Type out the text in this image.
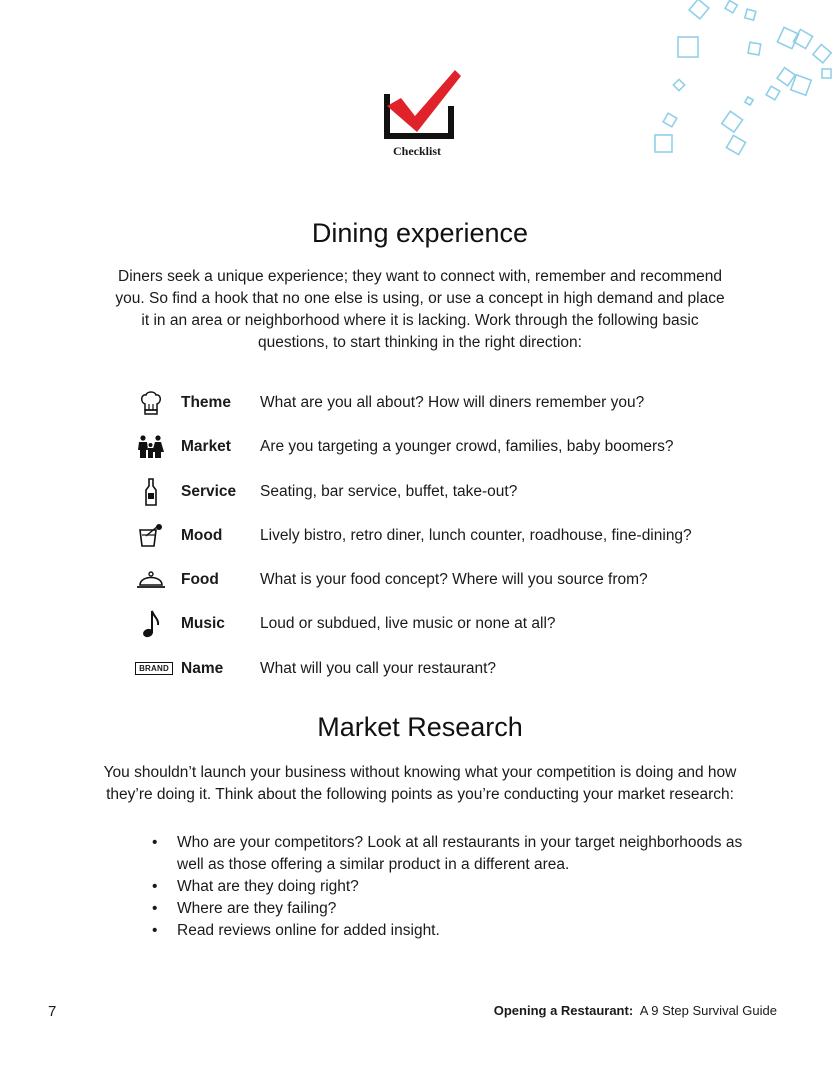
Checklist
Dining experience

Diners seek a unique experience; they want to connect with, remember and recommend you. So find a hook that no one else is using, or use a concept in high demand and place it in an area or neighborhood where it is lacking. Work through the following basic questions, to start thinking in the right direction:

Theme What are you all about? How will diners remember you?
Market Are you targeting a younger crowd, families, baby boomers?
Service Seating, bar service, buffet, take-out?
Mood Lively bistro, retro diner, lunch counter, roadhouse, fine-dining?
Food	What is your food concept? Where will you source from?
Music Loud or subdued, live music or none at all?
BRAND Name What will you call your restaurant?
Market Research

You shouldn’t launch your business without knowing what your competition is doing and how they’re doing it. Think about the following points as you’re conducting your market research:

• Who are your competitors? Look at all restaurants in your target neighborhoods as well as those offering a similar product in a different area.
• What are they doing right?
• Where are they failing?
• Read reviews online for added insight.
7	Opening a Restaurant: A 9 Step Survival Guide
